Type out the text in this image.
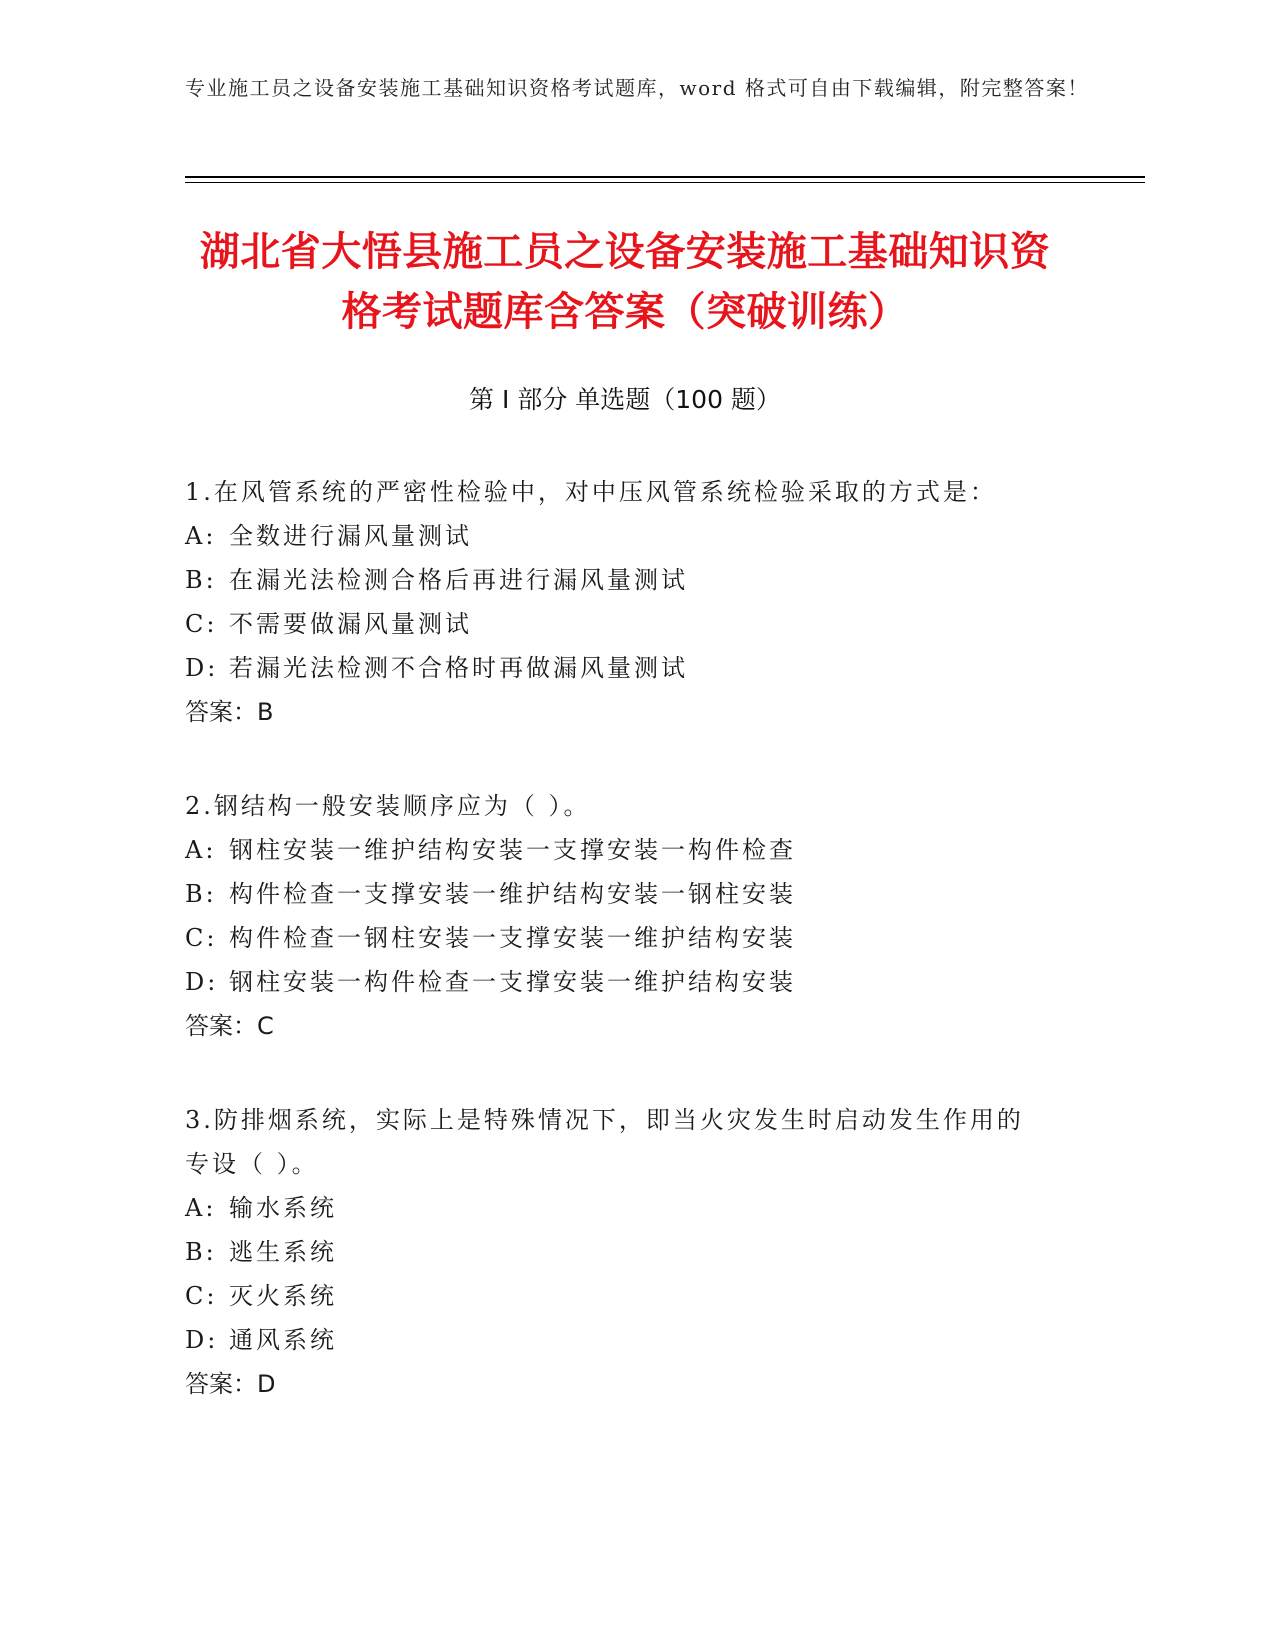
专业施工员之设备安装施工基础知识资格考试题库，word 格式可自由下载编辑，附完整答案！
湖北省大悟县施工员之设备安装施工基础知识资格考试题库含答案（突破训练）
第 I 部分 单选题（100 题）
1.在风管系统的严密性检验中，对中压风管系统检验采取的方式是：
A: 全数进行漏风量测试
B: 在漏光法检测合格后再进行漏风量测试
C: 不需要做漏风量测试
D: 若漏光法检测不合格时再做漏风量测试
答案：B
2.钢结构一般安装顺序应为（ ）。
A: 钢柱安装一维护结构安装一支撑安装一构件检查
B: 构件检查一支撑安装一维护结构安装一钢柱安装
C: 构件检查一钢柱安装一支撑安装一维护结构安装
D: 钢柱安装一构件检查一支撑安装一维护结构安装
答案：C
3.防排烟系统，实际上是特殊情况下，即当火灾发生时启动发生作用的专设（ ）。
A: 输水系统
B: 逃生系统
C: 灭火系统
D: 通风系统
答案：D
